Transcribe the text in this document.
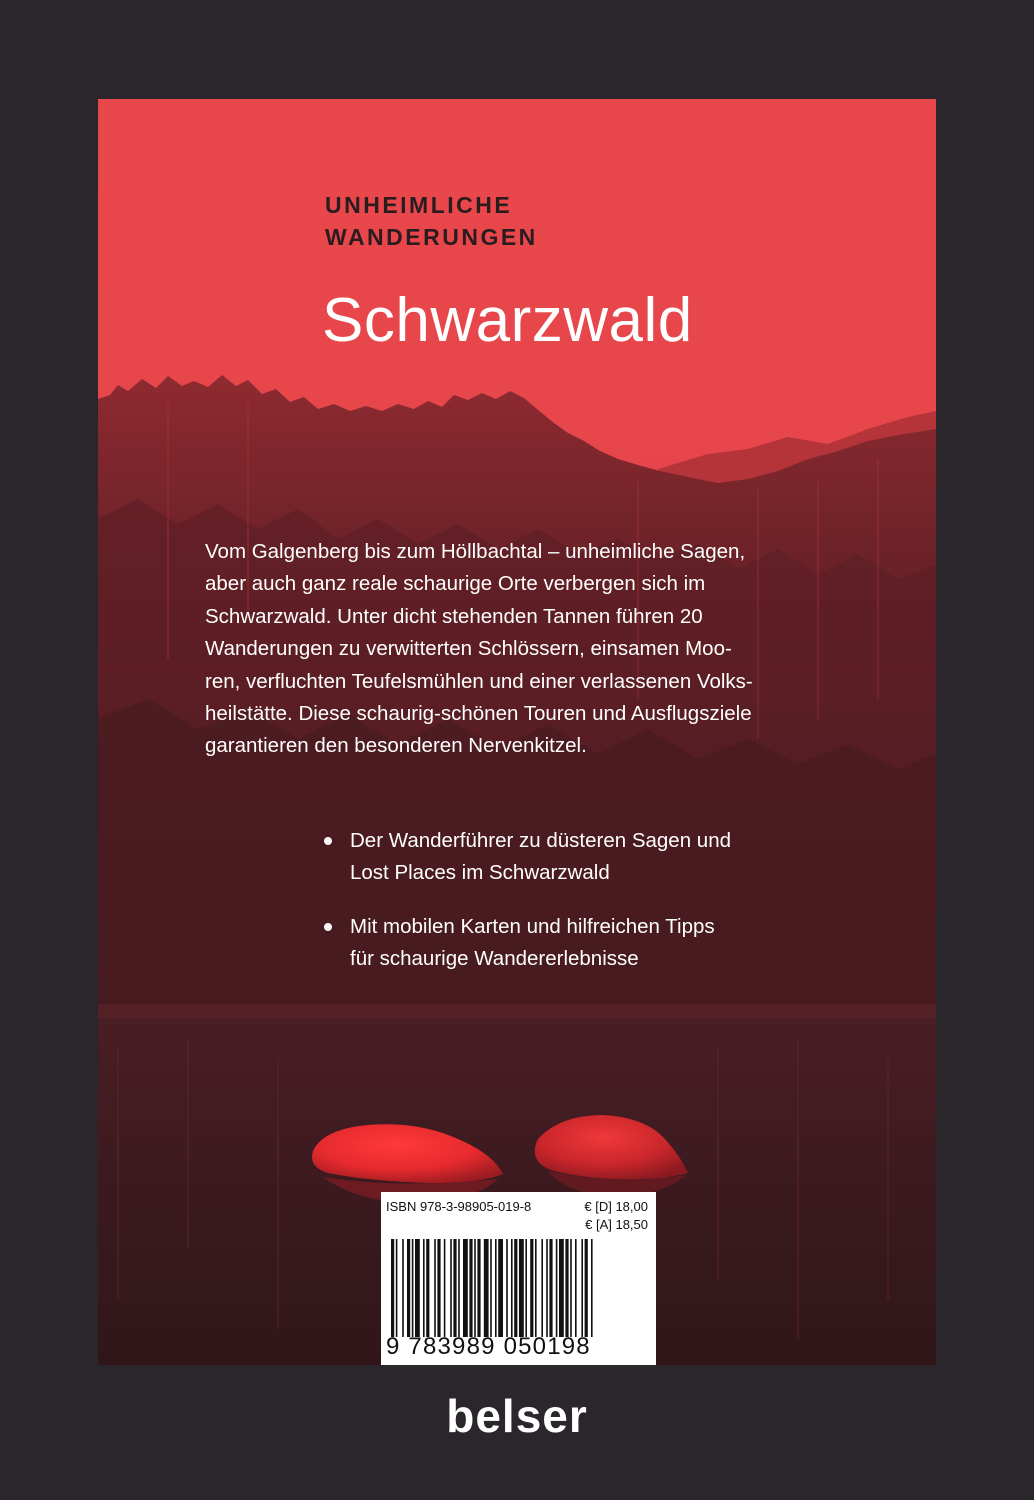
UNHEIMLICHE
WANDERUNGEN
Schwarzwald
Vom Galgenberg bis zum Höllbachtal – unheimliche Sagen,
aber auch ganz reale schaurige Orte verbergen sich im
Schwarzwald. Unter dicht stehenden Tannen führen 20
Wanderungen zu verwitterten Schlössern, einsamen Moo-
ren, verfluchten Teufelsmühlen und einer verlassenen Volks-
heilstätte. Diese schaurig-schönen Touren und Ausflugsziele
garantieren den besonderen Nervenkitzel.
Der Wanderführer zu düsteren Sagen und
Lost Places im Schwarzwald
Mit mobilen Karten und hilfreichen Tipps
für schaurige Wandererlebnisse
ISBN 978-3-98905-019-8	€ [D] 18,00
€ [A] 18,50
9 783989 050198
belser
